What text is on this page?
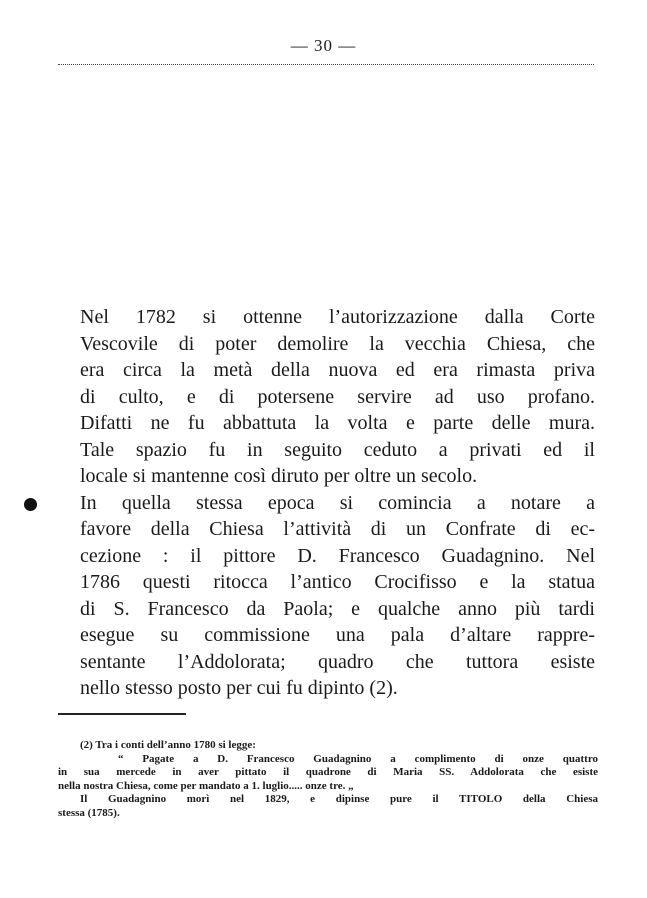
— 30 —

Nel 1782 si ottenne l’autorizzazione dalla Corte
Vescovile di poter demolire la vecchia Chiesa, che
era circa la metà della nuova ed era rimasta priva
di culto, e di potersene servire ad uso profano.
Difatti ne fu abbattuta la volta e parte delle mura.
Tale spazio fu in seguito ceduto a privati ed il
locale si mantenne così diruto per oltre un secolo.

In quella stessa epoca si comincia a notare a
favore della Chiesa l’attività di un Confrate di ec-
cezione : il pittore D. Francesco Guadagnino. Nel
1786 questi ritocca l’antico Crocifisso e la statua
di S. Francesco da Paola; e qualche anno più tardi
esegue su commissione una pala d’altare rappre-
sentante l’Addolorata; quadro che tuttora esiste
nello stesso posto per cui fu dipinto (2).

(2) Tra i conti dell’anno 1780 si legge:
“ Pagate a D. Francesco Guadagnino a complimento di onze quattro
in sua mercede in aver pittato il quadrone di Maria SS. Addolorata che esiste
nella nostra Chiesa, come per mandato a 1. luglio..... onze tre. „
Il Guadagnino morì nel 1829, e dipinse pure il TITOLO della Chiesa
stessa (1785).
